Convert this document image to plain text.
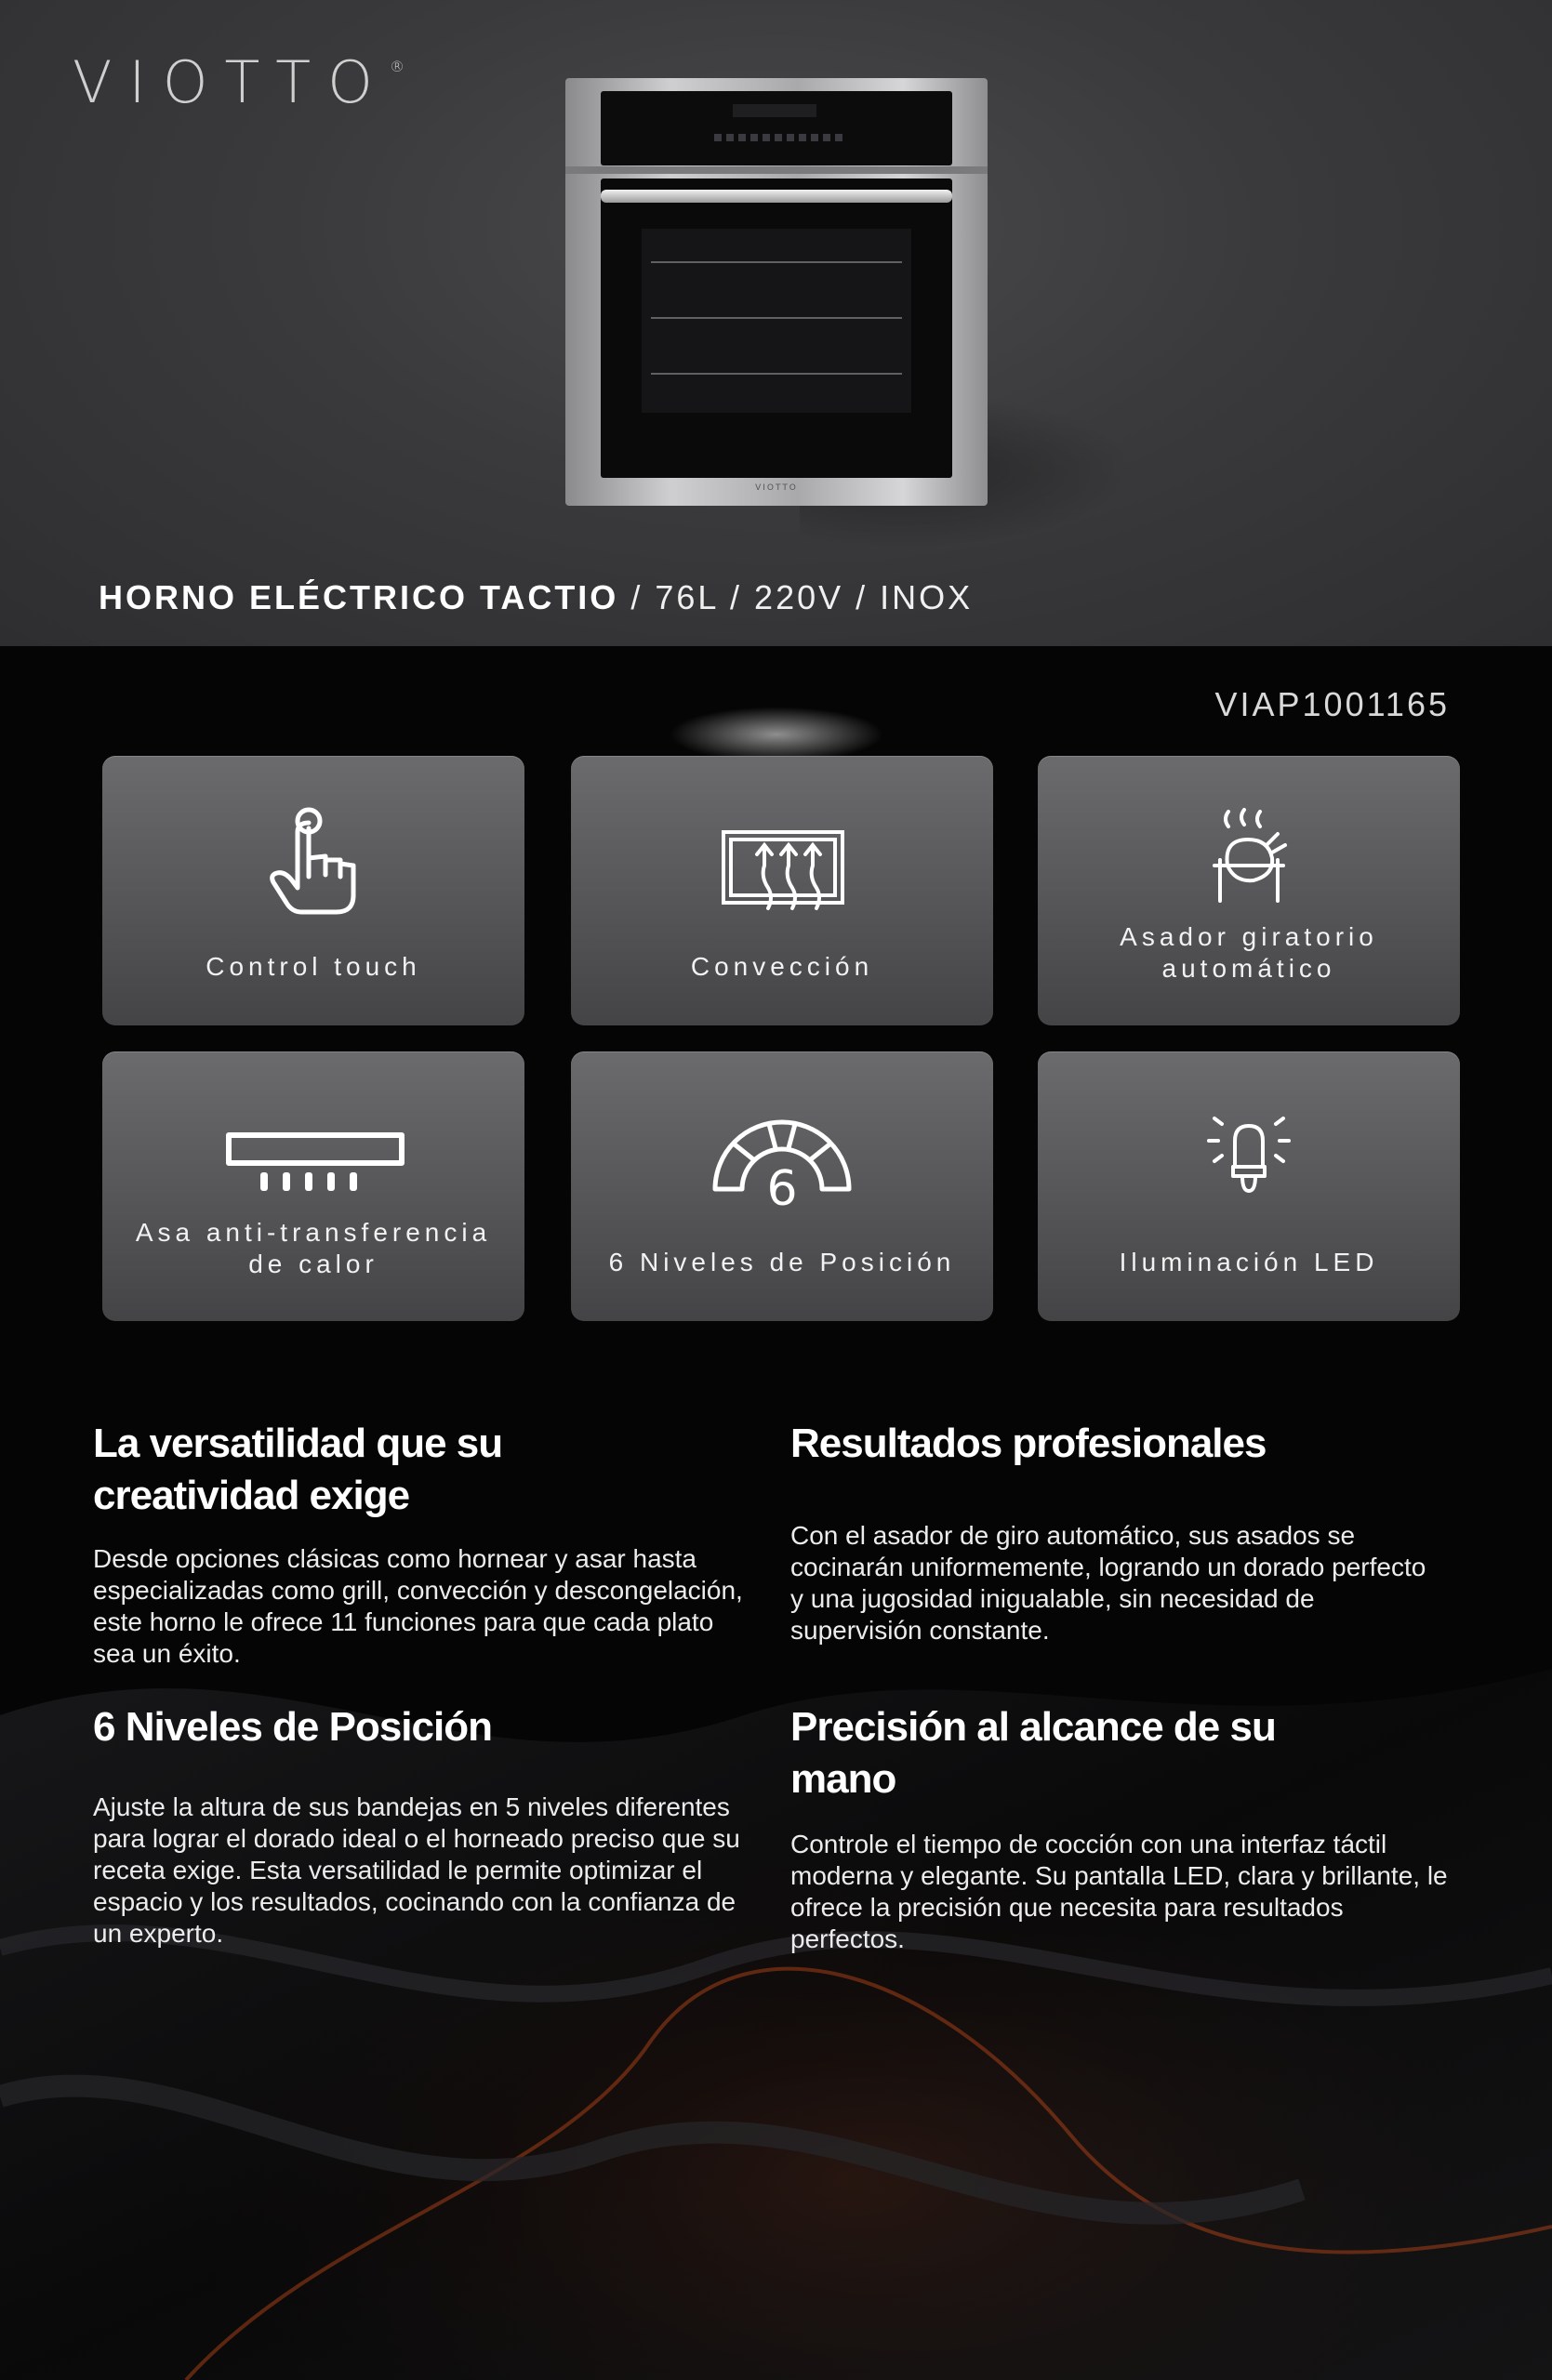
VIOTTO®
VIOTTO
HORNO ELÉCTRICO TACTIO / 76L / 220V / INOX
VIAP1001165
Control touch	Convección
Asador giratorio
automático
Asa anti-transferencia
de calor
6
6 Niveles de Posición	Iluminación LED
La versatilidad que su
creatividad exige
Desde opciones clásicas como hornear y asar hasta especializadas como grill, convección y descongelación, este horno le ofrece 11 funciones para que cada plato sea un éxito.
Resultados profesionales
Con el asador de giro automático, sus asados se cocinarán uniformemente, logrando un dorado perfecto y una jugosidad inigualable, sin necesidad de supervisión constante.
6 Niveles de Posición
Ajuste la altura de sus bandejas en 5 niveles diferentes para lograr el dorado ideal o el horneado preciso que su receta exige. Esta versatilidad le permite optimizar el espacio y los resultados, cocinando con la confianza de un experto.
Precisión al alcance de su
mano
Controle el tiempo de cocción con una interfaz táctil moderna y elegante. Su pantalla LED, clara y brillante, le ofrece la precisión que necesita para resultados perfectos.
